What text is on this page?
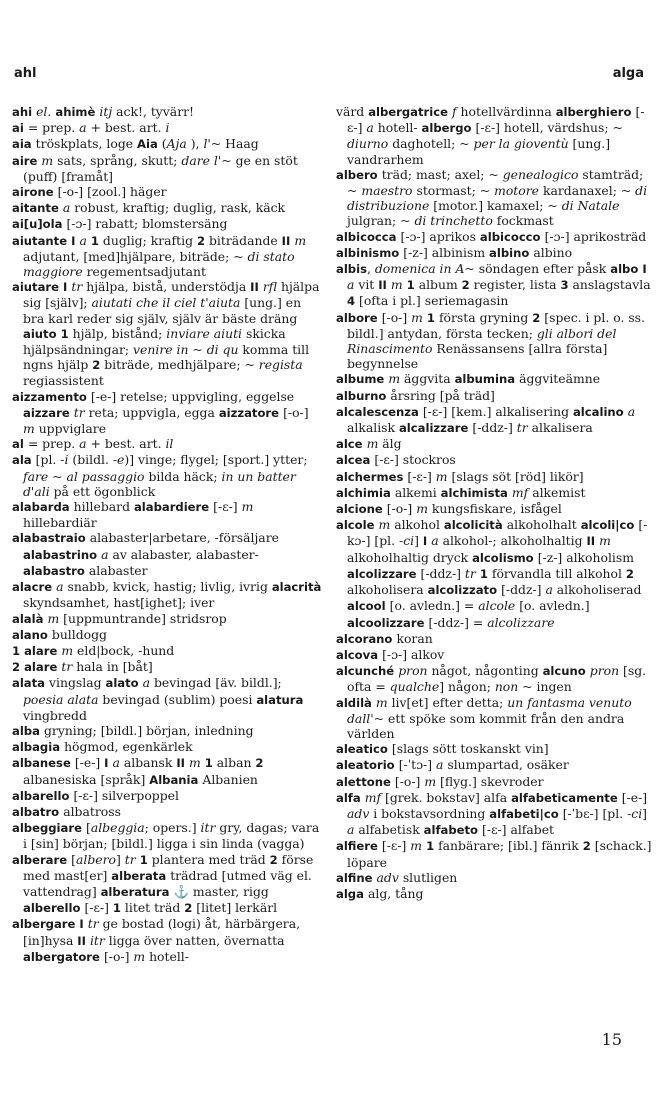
ahl	alga
ahi el. ahimè itj ack!, tyvärr!
ai = prep. a + best. art. i
aia tröskplats, loge Aia (Aja ), l'~ Haag
aire m sats, språng, skutt; dare l'~ ge en stöt (puff) [framåt]
airone [-o-] [zool.] häger
aitante a robust, kraftig; duglig, rask, käck
ai[u]ola [-ɔ-] rabatt; blomstersäng
aiutante I a 1 duglig; kraftig 2 biträdande II m adjutant, [med]hjälpare, biträde; ~ di stato maggiore regementsadjutant
aiutare I tr hjälpa, bistå, understödja II rfl hjälpa sig [själv]; aiutati che il ciel t'aiuta [ung.] en bra karl reder sig själv, själv är bäste dräng aiuto 1 hjälp, bistånd; inviare aiuti skicka hjälpsändningar; venire in ~ di qu komma till ngns hjälp 2 biträde, medhjälpare; ~ regista regiassistent
aizzamento [-e-] retelse; uppvigling, eggelse aizzare tr reta; uppvigla, egga aizzatore [-o-] m uppviglare
al = prep. a + best. art. il
ala [pl. -i (bildl. -e)] vinge; flygel; [sport.] ytter; fare ~ al passaggio bilda häck; in un batter d'ali på ett ögonblick
alabarda hillebard alabardiere [-ɛ-] m hillebardiär
alabastraio alabaster|arbetare, -försäljare alabastrino a av alabaster, alabaster- alabastro alabaster
alacre a snabb, kvick, hastig; livlig, ivrig alacrità skyndsamhet, hast[ighet]; iver
alalà m [uppmuntrande] stridsrop
alano bulldogg
1 alare m eld|bock, -hund
2 alare tr hala in [båt]
alata vingslag alato a bevingad [äv. bildl.]; poesia alata bevingad (sublim) poesi alatura vingbredd
alba gryning; [bildl.] början, inledning
albagia högmod, egenkärlek
albanese [-e-] I a albansk II m 1 alban 2 albanesiska [språk] Albania Albanien
albarello [-ɛ-] silverpoppel
albatro albatross
albeggiare [albeggia; opers.] itr gry, dagas; vara i [sin] början; [bildl.] ligga i sin linda (vagga)
alberare [albero] tr 1 plantera med träd 2 förse med mast[er] alberata trädrad [utmed väg el. vattendrag] alberatura ⚓ master, rigg alberello [-ɛ-] 1 litet träd 2 [litet] lerkärl
albergare I tr ge bostad (logi) åt, härbärgera, [in]hysa II itr ligga över natten, övernatta albergatore [-o-] m hotell-
värd albergatrice f hotellvärdinna alberghiero [-ɛ-] a hotell- albergo [-ɛ-] hotell, värdshus; ~ diurno daghotell; ~ per la gioventù [ung.] vandrarhem
albero träd; mast; axel; ~ genealogico stamträd; ~ maestro stormast; ~ motore kardanaxel; ~ di distribuzione [motor.] kamaxel; ~ di Natale julgran; ~ di trinchetto fockmast
albicocca [-ɔ-] aprikos albicocco [-ɔ-] aprikosträd
albinismo [-z-] albinism albino albino
albis, domenica in A~ söndagen efter påsk albo I a vit II m 1 album 2 register, lista 3 anslagstavla 4 [ofta i pl.] seriemagasin
albore [-o-] m 1 första gryning 2 [spec. i pl. o. ss. bildl.] antydan, första tecken; gli albori del Rinascimento Renässansens [allra första] begynnelse
albume m äggvita albumina äggviteämne
alburno årsring [på träd]
alcalescenza [-ɛ-] [kem.] alkalisering alcalino a alkalisk alcalizzare [-ddz-] tr alkalisera
alce m älg
alcea [-ɛ-] stockros
alchermes [-ɛ-] m [slags söt [röd] likör]
alchimia alkemi alchimista mf alkemist
alcione [-o-] m kungsfiskare, isfågel
alcole m alkohol alcolicità alkoholhalt alcoli|co [-kɔ-] [pl. -ci] I a alkohol-; alkoholhaltig II m alkoholhaltig dryck alcolismo [-z-] alkoholism alcolizzare [-ddz-] tr 1 förvandla till alkohol 2 alkoholisera alcolizzato [-ddz-] a alkoholiserad alcool [o. avledn.] = alcole [o. avledn.] alcoolizzare [-ddz-] = alcolizzare
alcorano koran
alcova [-ɔ-] alkov
alcunché pron något, någonting alcuno pron [sg. ofta = qualche] någon; non ~ ingen
aldilà m liv[et] efter detta; un fantasma venuto dall'~ ett spöke som kommit från den andra världen
aleatico [slags sött toskanskt vin]
aleatorio [-ˈtɔ-] a slumpartad, osäker
alettone [-o-] m [flyg.] skevroder
alfa mf [grek. bokstav] alfa alfabeticamente [-e-] adv i bokstavsordning alfabeti|co [-ˈbɛ-] [pl. -ci] a alfabetisk alfabeto [-ɛ-] alfabet
alfiere [-ɛ-] m 1 fanbärare; [ibl.] fänrik 2 [schack.] löpare
alfine adv slutligen
alga alg, tång
15
